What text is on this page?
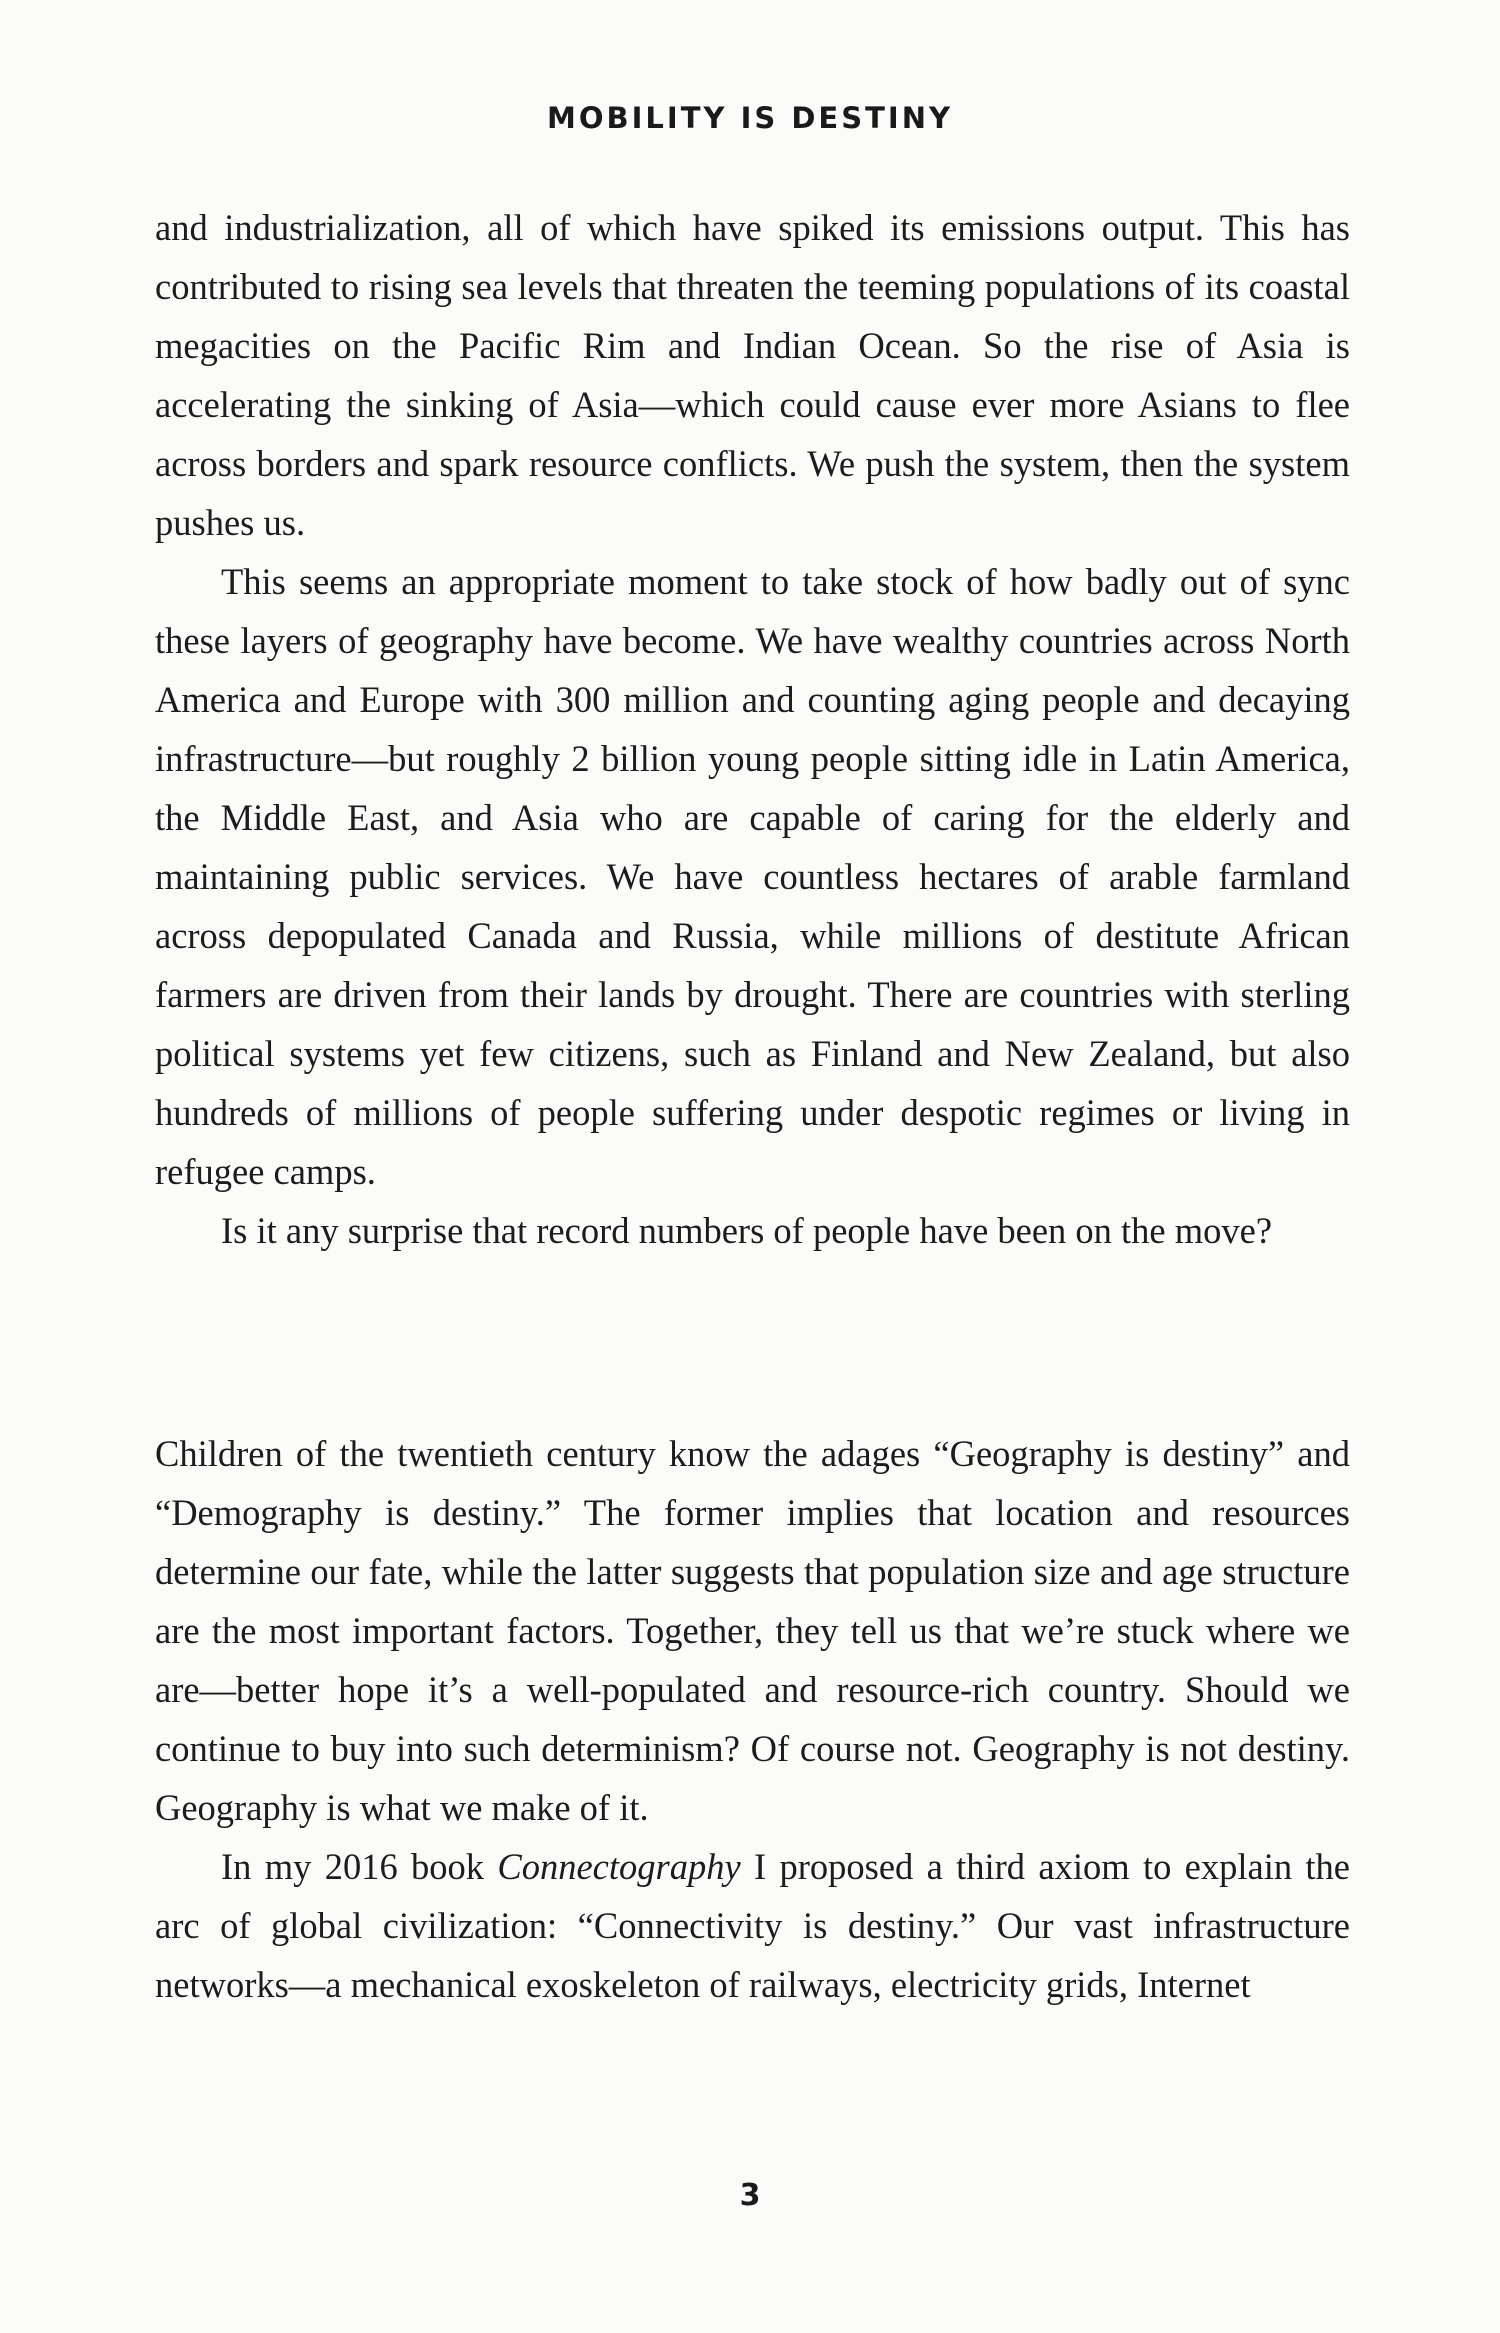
MOBILITY IS DESTINY

and industrialization, all of which have spiked its emissions output. This has contributed to rising sea levels that threaten the teeming populations of its coastal megacities on the Pacific Rim and Indian Ocean. So the rise of Asia is accelerating the sinking of Asia—which could cause ever more Asians to flee across borders and spark resource conflicts. We push the system, then the system pushes us.

This seems an appropriate moment to take stock of how badly out of sync these layers of geography have become. We have wealthy countries across North America and Europe with 300 million and counting aging people and decaying infrastructure—but roughly 2 billion young people sitting idle in Latin America, the Middle East, and Asia who are capable of caring for the elderly and maintaining public services. We have countless hectares of arable farmland across depopulated Canada and Russia, while millions of destitute African farmers are driven from their lands by drought. There are countries with sterling political systems yet few citizens, such as Finland and New Zealand, but also hundreds of millions of people suffering under despotic regimes or living in refugee camps.

Is it any surprise that record numbers of people have been on the move?

Children of the twentieth century know the adages “Geography is destiny” and “Demography is destiny.” The former implies that location and resources determine our fate, while the latter suggests that population size and age structure are the most important factors. Together, they tell us that we’re stuck where we are—better hope it’s a well-populated and resource-rich country. Should we continue to buy into such determinism? Of course not. Geography is not destiny. Geography is what we make of it.

In my 2016 book Connectography I proposed a third axiom to explain the arc of global civilization: “Connectivity is destiny.” Our vast infrastructure networks—a mechanical exoskeleton of railways, electricity grids, Internet

3
